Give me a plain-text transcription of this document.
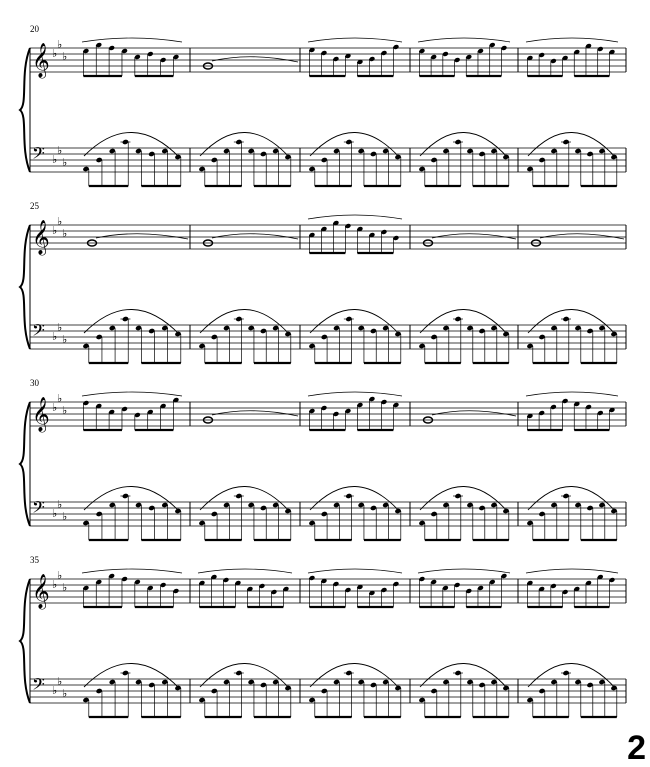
20
𝄞 ♭
♭
♭
𝄢 ♭
♭
♭
25
𝄞 ♭
♭
♭
𝄢 ♭
♭
♭
30
𝄞 ♭
♭
♭
𝄢 ♭
♭
♭
35
𝄞 ♭
♭
♭
𝄢 ♭
♭
♭
2
